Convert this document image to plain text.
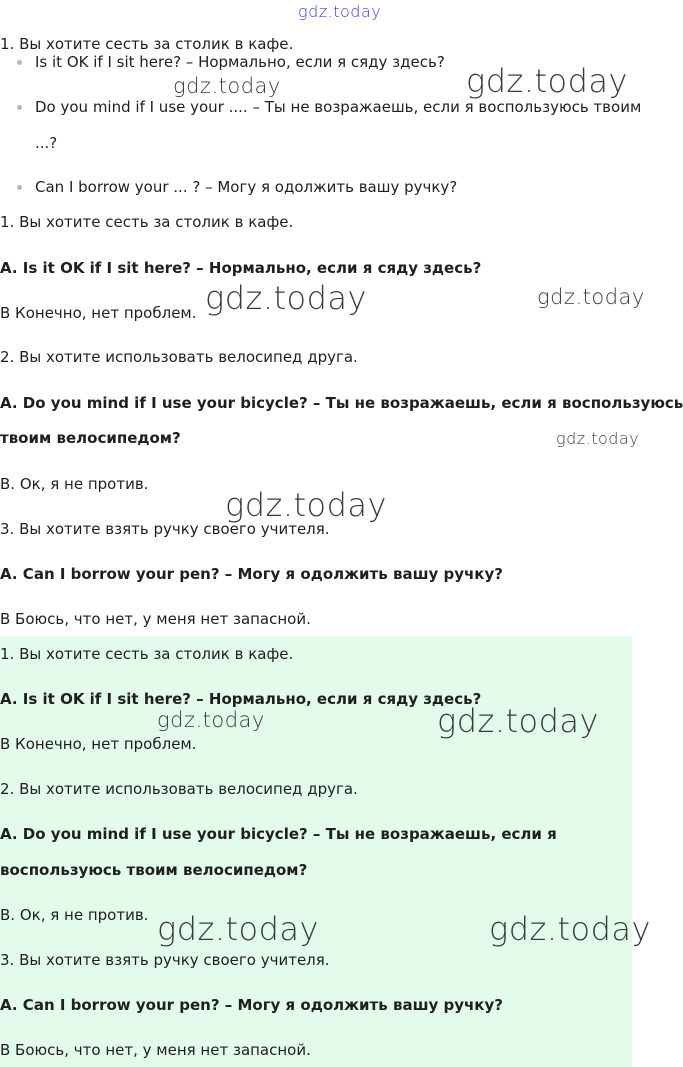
gdz.today
1. Вы хотите сесть за столик в кафе.
Is it OK if I sit here? – Нормально, если я сяду здесь?
Do you mind if I use your .... – Ты не возражаешь, если я воспользуюсь твоим
...?
Can I borrow your ... ? – Могу я одолжить вашу ручку?
1. Вы хотите сесть за столик в кафе.
A. Is it OK if I sit here? – Нормально, если я сяду здесь?
В Конечно, нет проблем.
2. Вы хотите использовать велосипед друга.
A. Do you mind if I use your bicycle? – Ты не возражаешь, если я воспользуюсь
твоим велосипедом?
В. Ок, я не против.
3. Вы хотите взять ручку своего учителя.
A. Can I borrow your pen? – Могу я одолжить вашу ручку?
В Боюсь, что нет, у меня нет запасной.
1. Вы хотите сесть за столик в кафе.
A. Is it OK if I sit here? – Нормально, если я сяду здесь?
В Конечно, нет проблем.
2. Вы хотите использовать велосипед друга.
A. Do you mind if I use your bicycle? – Ты не возражаешь, если я
воспользуюсь твоим велосипедом?
В. Ок, я не против.
3. Вы хотите взять ручку своего учителя.
A. Can I borrow your pen? – Могу я одолжить вашу ручку?
В Боюсь, что нет, у меня нет запасной.
gdz.today	gdz.today
gdz.today	gdz.today
gdz.today
gdz.today
gdz.today	gdz.today
gdz.today	gdz.today
